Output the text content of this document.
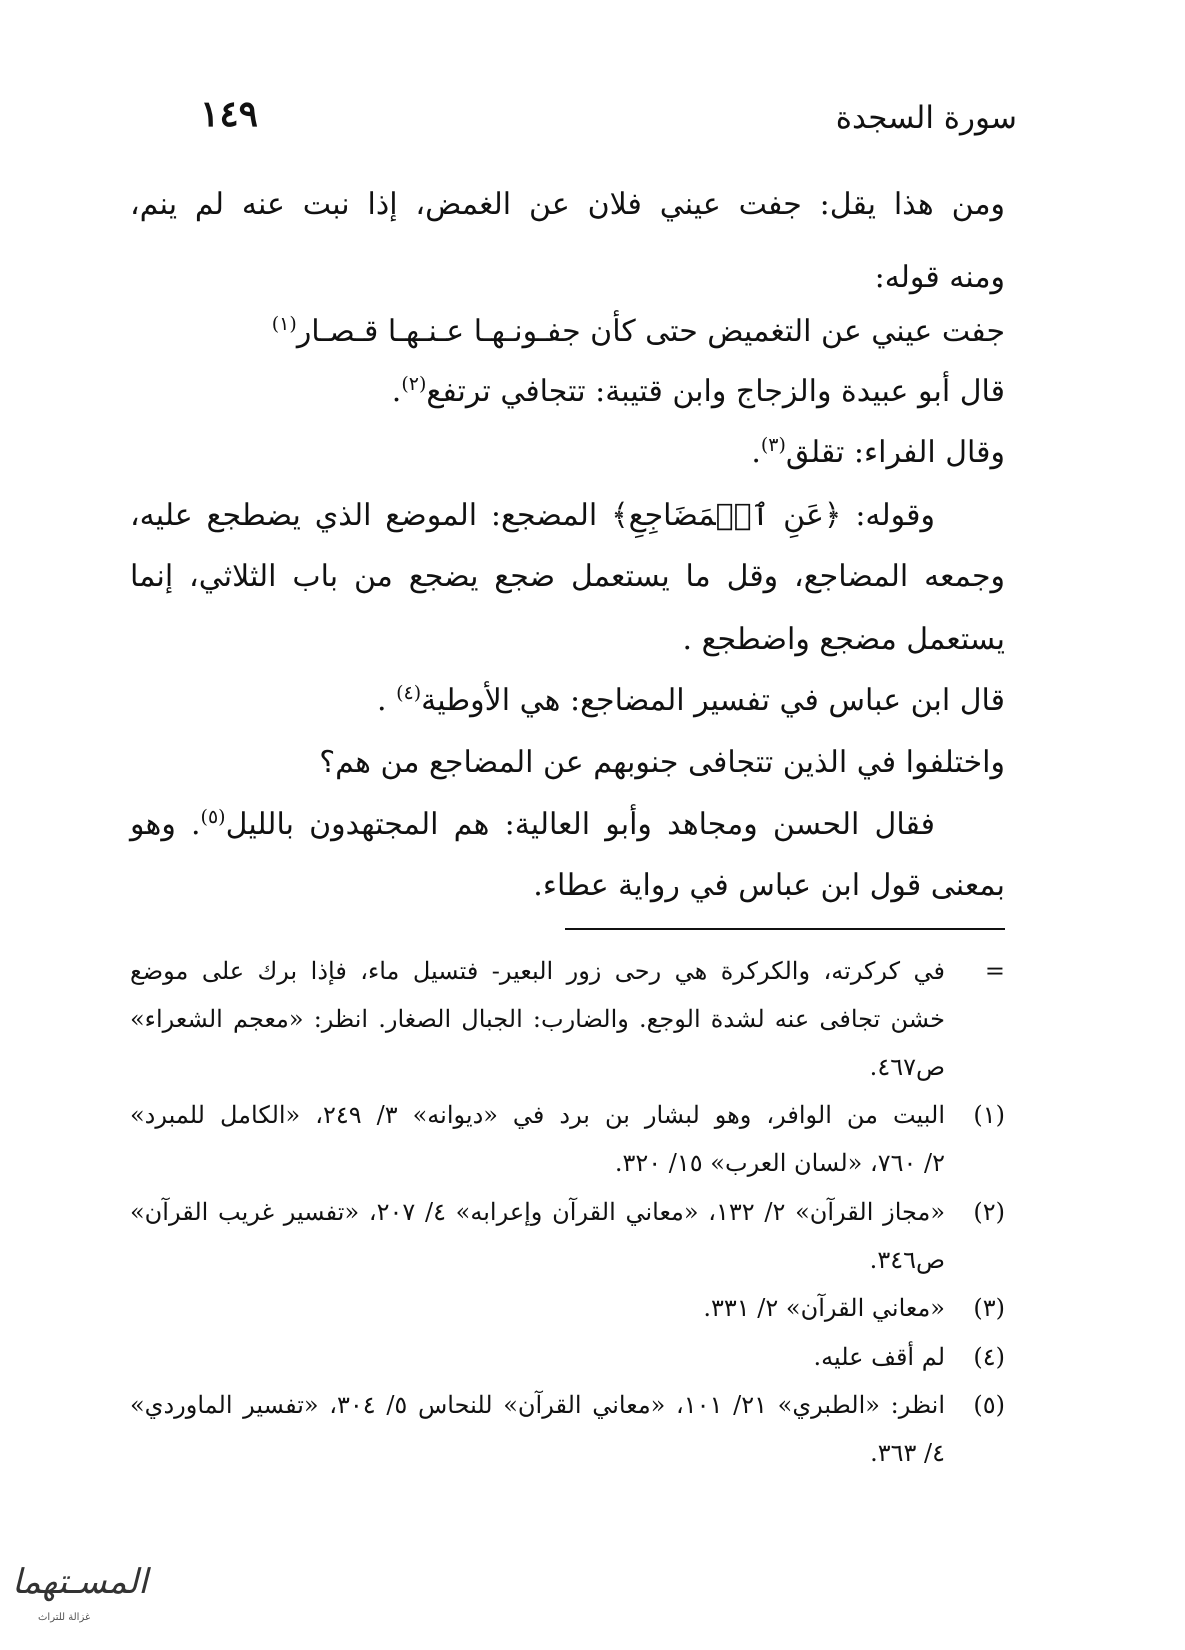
سورة السجدة
١٤٩
ومن هذا يقل: جفت عيني فلان عن الغمض، إذا نبت عنه لم ينم،
ومنه قوله:
جفت عيني عن التغميض حتى كأن جفـونـهـا عـنـهـا قـصـار$^{(١)}$
قال أبو عبيدة والزجاج وابن قتيبة: تتجافي ترتفع$^{(٢)}$.
وقال الفراء: تقلق$^{(٣)}$.
وقوله: ﴿عَنِ ٱلۡمَضَاجِعِ﴾ المضجع: الموضع الذي يضطجع عليه،
وجمعه المضاجع، وقل ما يستعمل ضجع يضجع من باب الثلاثي، إنما
يستعمل مضجع واضطجع .
قال ابن عباس في تفسير المضاجع: هي الأوطية$^{(٤)}$ .
واختلفوا في الذين تتجافى جنوبهم عن المضاجع من هم؟
فقال الحسن ومجاهد وأبو العالية: هم المجتهدون بالليل$^{(٥)}$. وهو
بمعنى قول ابن عباس في رواية عطاء.
=
في كركرته، والكركرة هي رحى زور البعير- فتسيل ماء، فإذا برك على موضع
خشن تجافى عنه لشدة الوجع. والضارب: الجبال الصغار. انظر: «معجم الشعراء»
ص٤٦٧.
(١)
البيت من الوافر، وهو لبشار بن برد في «ديوانه» ٣/ ٢٤٩، «الكامل للمبرد»
٢/ ٧٦٠، «لسان العرب» ١٥/ ٣٢٠.
(٢)
«مجاز القرآن» ٢/ ١٣٢، «معاني القرآن وإعرابه» ٤/ ٢٠٧، «تفسير غريب القرآن»
ص٣٤٦.
(٣)
«معاني القرآن» ٢/ ٣٣١.
(٤)
لم أقف عليه.
(٥)
انظر: «الطبري» ٢١/ ١٠١، «معاني القرآن» للنحاس ٥/ ٣٠٤، «تفسير الماوردي»
٤/ ٣٦٣.
المسـتهما
غزالة للتراث
